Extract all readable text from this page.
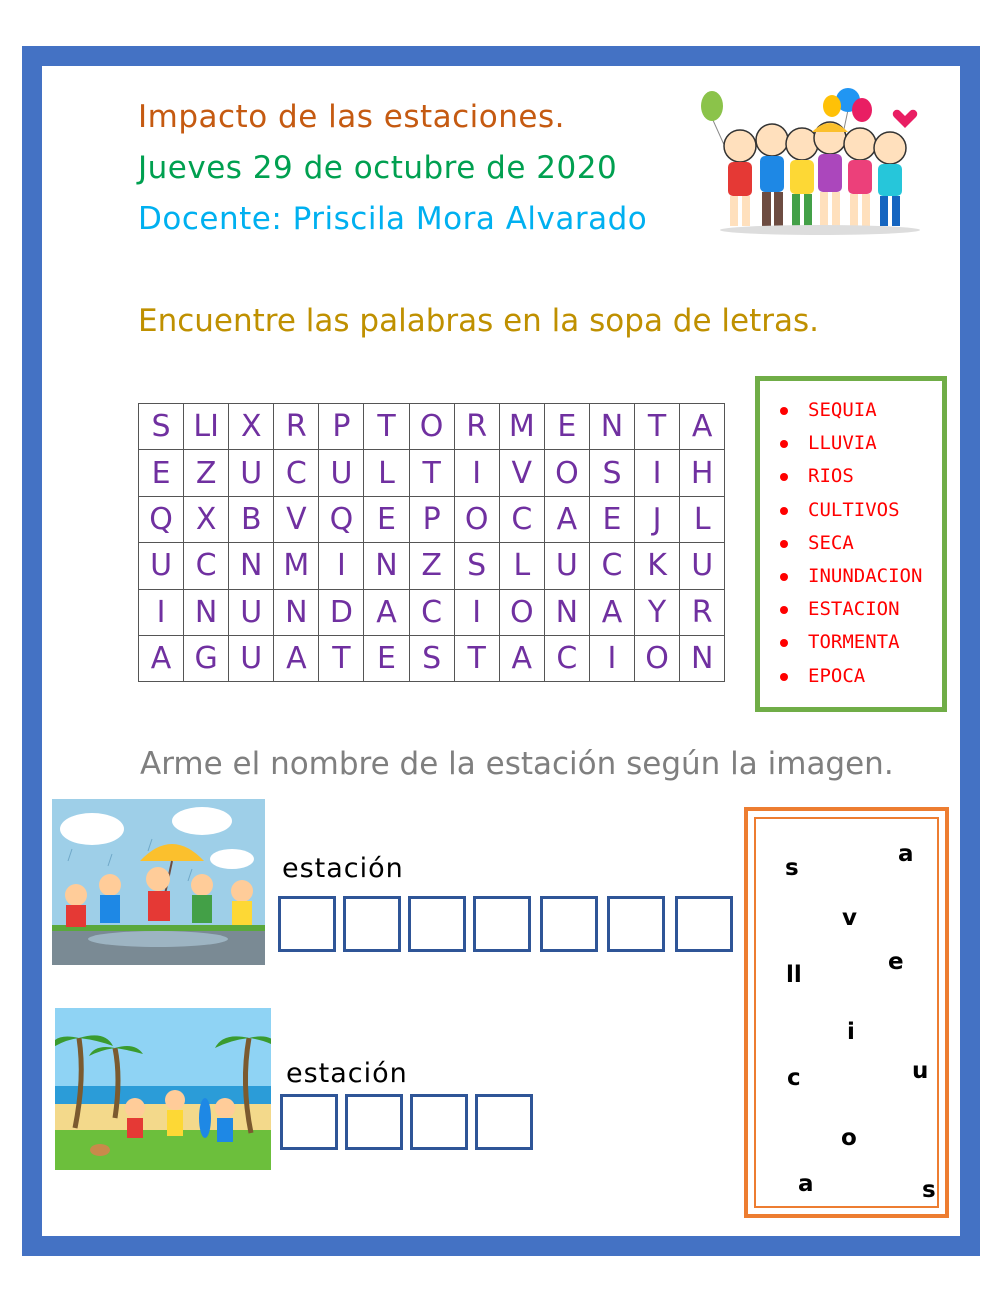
Impacto de las estaciones.
Jueves 29 de octubre de 2020
Docente: Priscila Mora Alvarado
Encuentre las palabras en la sopa de letras.
S	LI	X	R	P	T	O	R	M	E	N	T	A
E	Z	U	C	U	L	T	I	V	O	S	I	H
Q	X	B	V	Q	E	P	O	C	A	E	J	L
U	C	N	M	I	N	Z	S	L	U	C	K	U
I	N	U	N	D	A	C	I	O	N	A	Y	R
A	G	U	A	T	E	S	T	A	C	I	O	N
SEQUIA
LLUVIA
RIOS
CULTIVOS
SECA
INUNDACION
ESTACION
TORMENTA
EPOCA
Arme el nombre de la estación según la imagen.
estación
estación
s
a
v
ll	e
i
c	u
o
a	s
